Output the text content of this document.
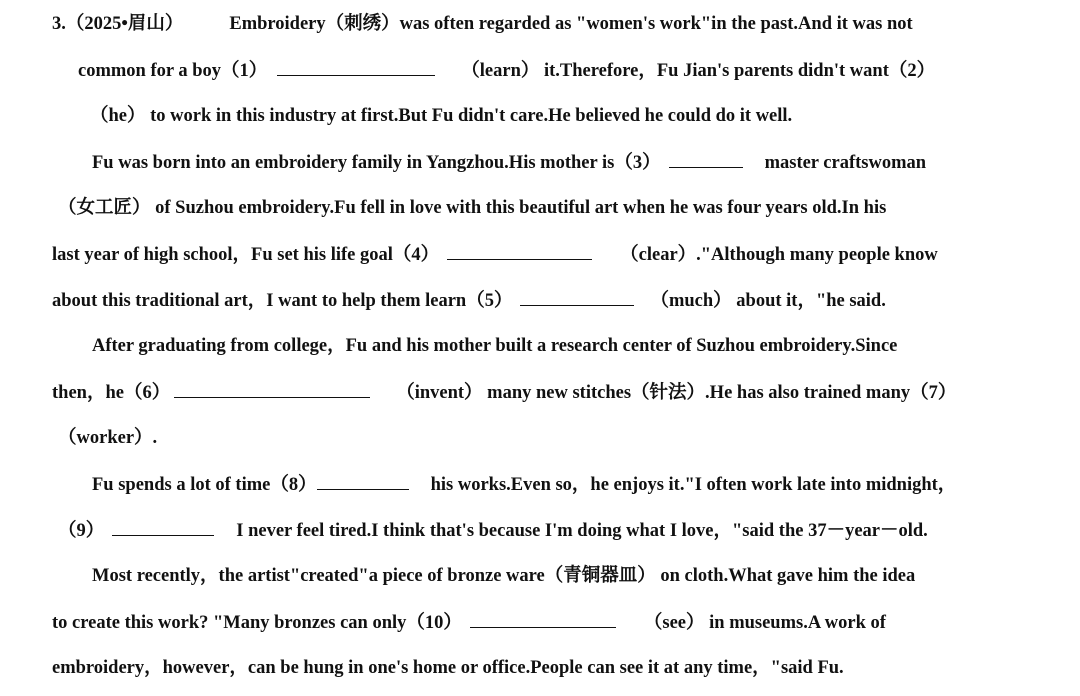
3.（2025•眉山） Embroidery（刺绣）was often regarded as "women's work"in the past.And it was not
common for a boy（1）	（learn） it.Therefore，Fu Jian's parents didn't want（2）
（he） to work in this industry at first.But Fu didn't care.He believed he could do it well.
Fu was born into an embroidery family in Yangzhou.His mother is（3）	master craftswoman
（女工匠） of Suzhou embroidery.Fu fell in love with this beautiful art when he was four years old.In his
last year of high school，Fu set his life goal（4）	（clear）."Although many people know
about this traditional art，I want to help them learn（5）	（much） about it，"he said.
After graduating from college，Fu and his mother built a research center of Suzhou embroidery.Since
then，he（6）	（invent） many new stitches（针法）.He has also trained many（7）
（worker）.
Fu spends a lot of time（8）	his works.Even so，he enjoys it."I often work late into midnight，
（9）	I never feel tired.I think that's because I'm doing what I love，"said the 37－year－old.
Most recently，the artist"created"a piece of bronze ware（青铜器皿） on cloth.What gave him the idea
to create this work? "Many bronzes can only（10）	（see） in museums.A work of
embroidery，however，can be hung in one's home or office.People can see it at any time，"said Fu.
